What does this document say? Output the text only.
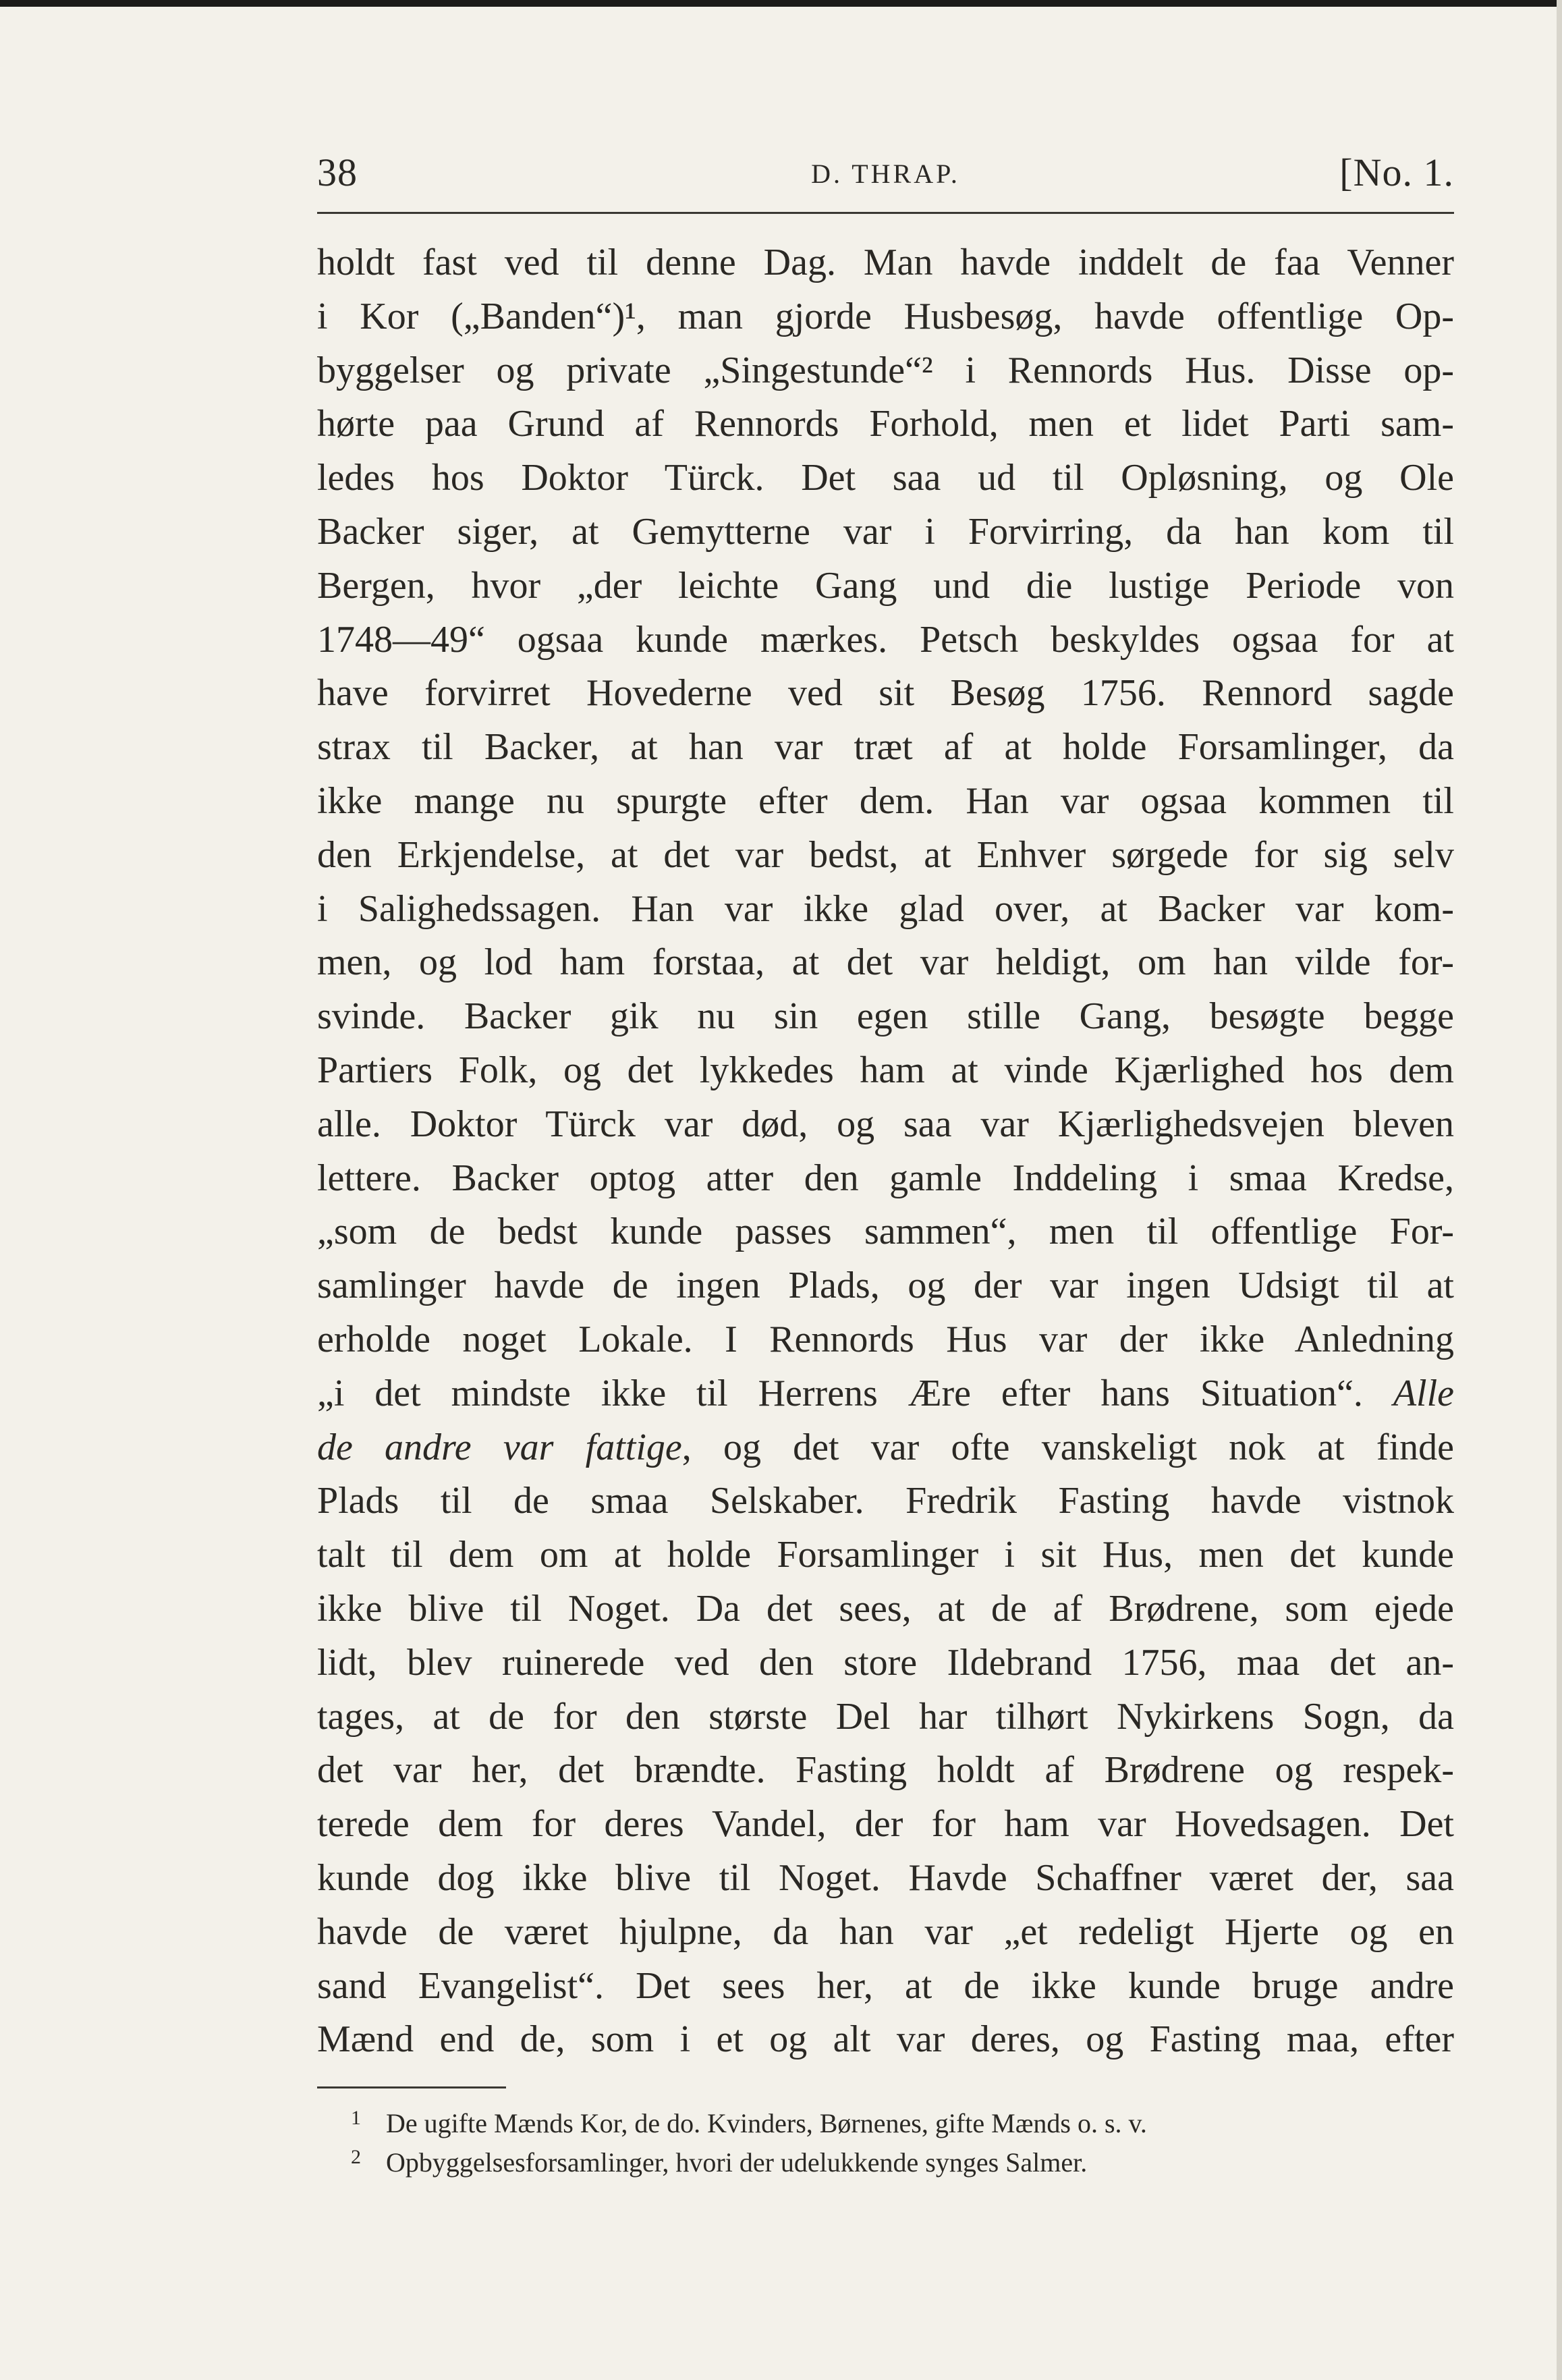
38	D. THRAP.	[No. 1.
holdt fast ved til denne Dag. Man havde inddelt de faa Venner
i Kor („Banden“)¹, man gjorde Husbesøg, havde offentlige Op-
byggelser og private „Singestunde“² i Rennords Hus. Disse op-
hørte paa Grund af Rennords Forhold, men et lidet Parti sam-
ledes hos Doktor Türck. Det saa ud til Opløsning, og Ole
Backer siger, at Gemytterne var i Forvirring, da han kom til
Bergen, hvor „der leichte Gang und die lustige Periode von
1748—49“ ogsaa kunde mærkes. Petsch beskyldes ogsaa for at
have forvirret Hovederne ved sit Besøg 1756. Rennord sagde
strax til Backer, at han var træt af at holde Forsamlinger, da
ikke mange nu spurgte efter dem. Han var ogsaa kommen til
den Erkjendelse, at det var bedst, at Enhver sørgede for sig selv
i Salighedssagen. Han var ikke glad over, at Backer var kom-
men, og lod ham forstaa, at det var heldigt, om han vilde for-
svinde. Backer gik nu sin egen stille Gang, besøgte begge
Partiers Folk, og det lykkedes ham at vinde Kjærlighed hos dem
alle. Doktor Türck var død, og saa var Kjærlighedsvejen bleven
lettere. Backer optog atter den gamle Inddeling i smaa Kredse,
„som de bedst kunde passes sammen“, men til offentlige For-
samlinger havde de ingen Plads, og der var ingen Udsigt til at
erholde noget Lokale. I Rennords Hus var der ikke Anledning
„i det mindste ikke til Herrens Ære efter hans Situation“. Alle
de andre var fattige, og det var ofte vanskeligt nok at finde
Plads til de smaa Selskaber. Fredrik Fasting havde vistnok
talt til dem om at holde Forsamlinger i sit Hus, men det kunde
ikke blive til Noget. Da det sees, at de af Brødrene, som ejede
lidt, blev ruinerede ved den store Ildebrand 1756, maa det an-
tages, at de for den største Del har tilhørt Nykirkens Sogn, da
det var her, det brændte. Fasting holdt af Brødrene og respek-
terede dem for deres Vandel, der for ham var Hovedsagen. Det
kunde dog ikke blive til Noget. Havde Schaffner været der, saa
havde de været hjulpne, da han var „et redeligt Hjerte og en
sand Evangelist“. Det sees her, at de ikke kunde bruge andre
Mænd end de, som i et og alt var deres, og Fasting maa, efter
1 De ugifte Mænds Kor, de do. Kvinders, Børnenes, gifte Mænds o. s. v.
2 Opbyggelsesforsamlinger, hvori der udelukkende synges Salmer.
